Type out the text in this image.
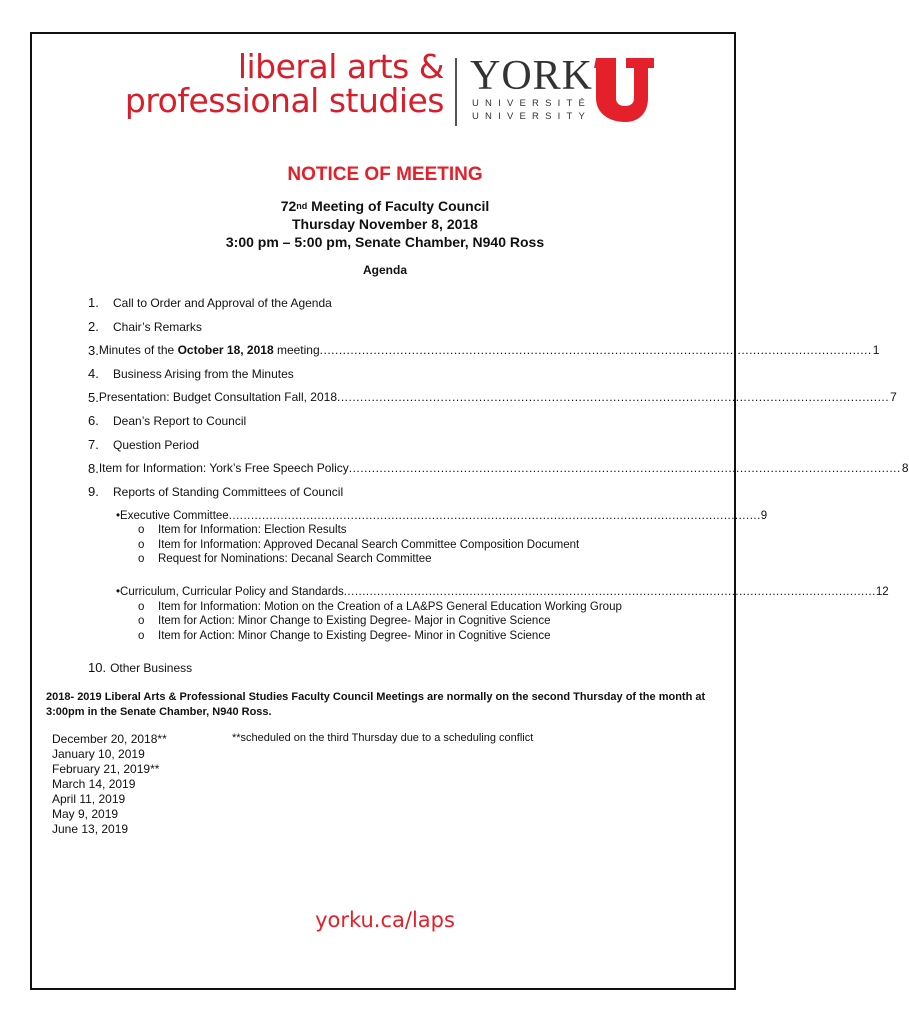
liberal arts &
professional studies
YORK
UNIVERSITÉ
UNIVERSITY
NOTICE OF MEETING
72nd Meeting of Faculty Council
Thursday November 8, 2018
3:00 pm – 5:00 pm, Senate Chamber, N940 Ross
Agenda
1. Call to Order and Approval of the Agenda
2. Chair’s Remarks
3. Minutes of the October 18, 2018 meeting ................................................................................................................................................ 1
4. Business Arising from the Minutes
5. Presentation: Budget Consultation Fall, 2018 ................................................................................................................................................ 7
6. Dean’s Report to Council
7. Question Period
8. Item for Information: York’s Free Speech Policy ................................................................................................................................................ 8
9. Reports of Standing Committees of Council
• Executive Committee ................................................................................................................................................ 9
o Item for Information: Election Results
o Item for Information: Approved Decanal Search Committee Composition Document
o Request for Nominations: Decanal Search Committee
• Curriculum, Curricular Policy and Standards ................................................................................................................................................ 12
o Item for Information: Motion on the Creation of a LA&PS General Education Working Group
o Item for Action: Minor Change to Existing Degree- Major in Cognitive Science
o Item for Action: Minor Change to Existing Degree- Minor in Cognitive Science
10. Other Business
2018- 2019 Liberal Arts & Professional Studies Faculty Council Meetings are normally on the second Thursday of the month at 3:00pm in the Senate Chamber, N940 Ross.
December 20, 2018**
January 10, 2019
February 21, 2019**
March 14, 2019
April 11, 2019
May 9, 2019
June 13, 2019
**scheduled on the third Thursday due to a scheduling conflict
yorku.ca/laps
